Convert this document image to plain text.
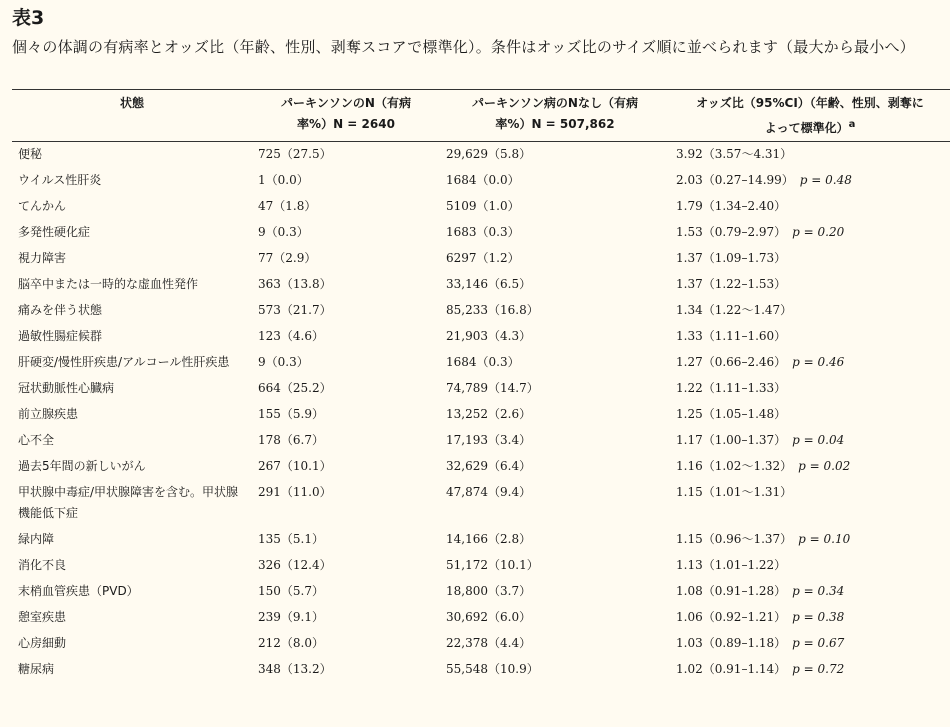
表3
個々の体調の有病率とオッズ比（年齢、性別、剥奪スコアで標準化）。条件はオッズ比のサイズ順に並べられます（最大から最小へ）
状態	パーキンソンのN（有病
率%）N = 2640	パーキンソン病のNなし（有病
率%）N = 507,862	オッズ比（95%CI）（年齢、性別、剥奪に
よって標準化）$^a$
便秘	725（27.5）	29,629（5.8）	3.92（3.57〜4.31）
ウイルス性肝炎	1（0.0）	1684（0.0）	2.03（0.27–14.99） p = 0.48
てんかん	47（1.8）	5109（1.0）	1.79（1.34–2.40）
多発性硬化症	9（0.3）	1683（0.3）	1.53（0.79–2.97） p = 0.20
視力障害	77（2.9）	6297（1.2）	1.37（1.09–1.73）
脳卒中または一時的な虚血性発作	363（13.8）	33,146（6.5）	1.37（1.22–1.53）
痛みを伴う状態	573（21.7）	85,233（16.8）	1.34（1.22〜1.47）
過敏性腸症候群	123（4.6）	21,903（4.3）	1.33（1.11–1.60）
肝硬変/慢性肝疾患/アルコール性肝疾患	9（0.3）	1684（0.3）	1.27（0.66–2.46） p = 0.46
冠状動脈性心臓病	664（25.2）	74,789（14.7）	1.22（1.11–1.33）
前立腺疾患	155（5.9）	13,252（2.6）	1.25（1.05–1.48）
心不全	178（6.7）	17,193（3.4）	1.17（1.00–1.37） p = 0.04
過去5年間の新しいがん	267（10.1）	32,629（6.4）	1.16（1.02〜1.32） p = 0.02
甲状腺中毒症/甲状腺障害を含む。甲状腺機能低下症	291（11.0）	47,874（9.4）	1.15（1.01〜1.31）
緑内障	135（5.1）	14,166（2.8）	1.15（0.96〜1.37） p = 0.10
消化不良	326（12.4）	51,172（10.1）	1.13（1.01–1.22）
末梢血管疾患（PVD）	150（5.7）	18,800（3.7）	1.08（0.91–1.28） p = 0.34
憩室疾患	239（9.1）	30,692（6.0）	1.06（0.92–1.21） p = 0.38
心房細動	212（8.0）	22,378（4.4）	1.03（0.89–1.18） p = 0.67
糖尿病	348（13.2）	55,548（10.9）	1.02（0.91–1.14） p = 0.72
